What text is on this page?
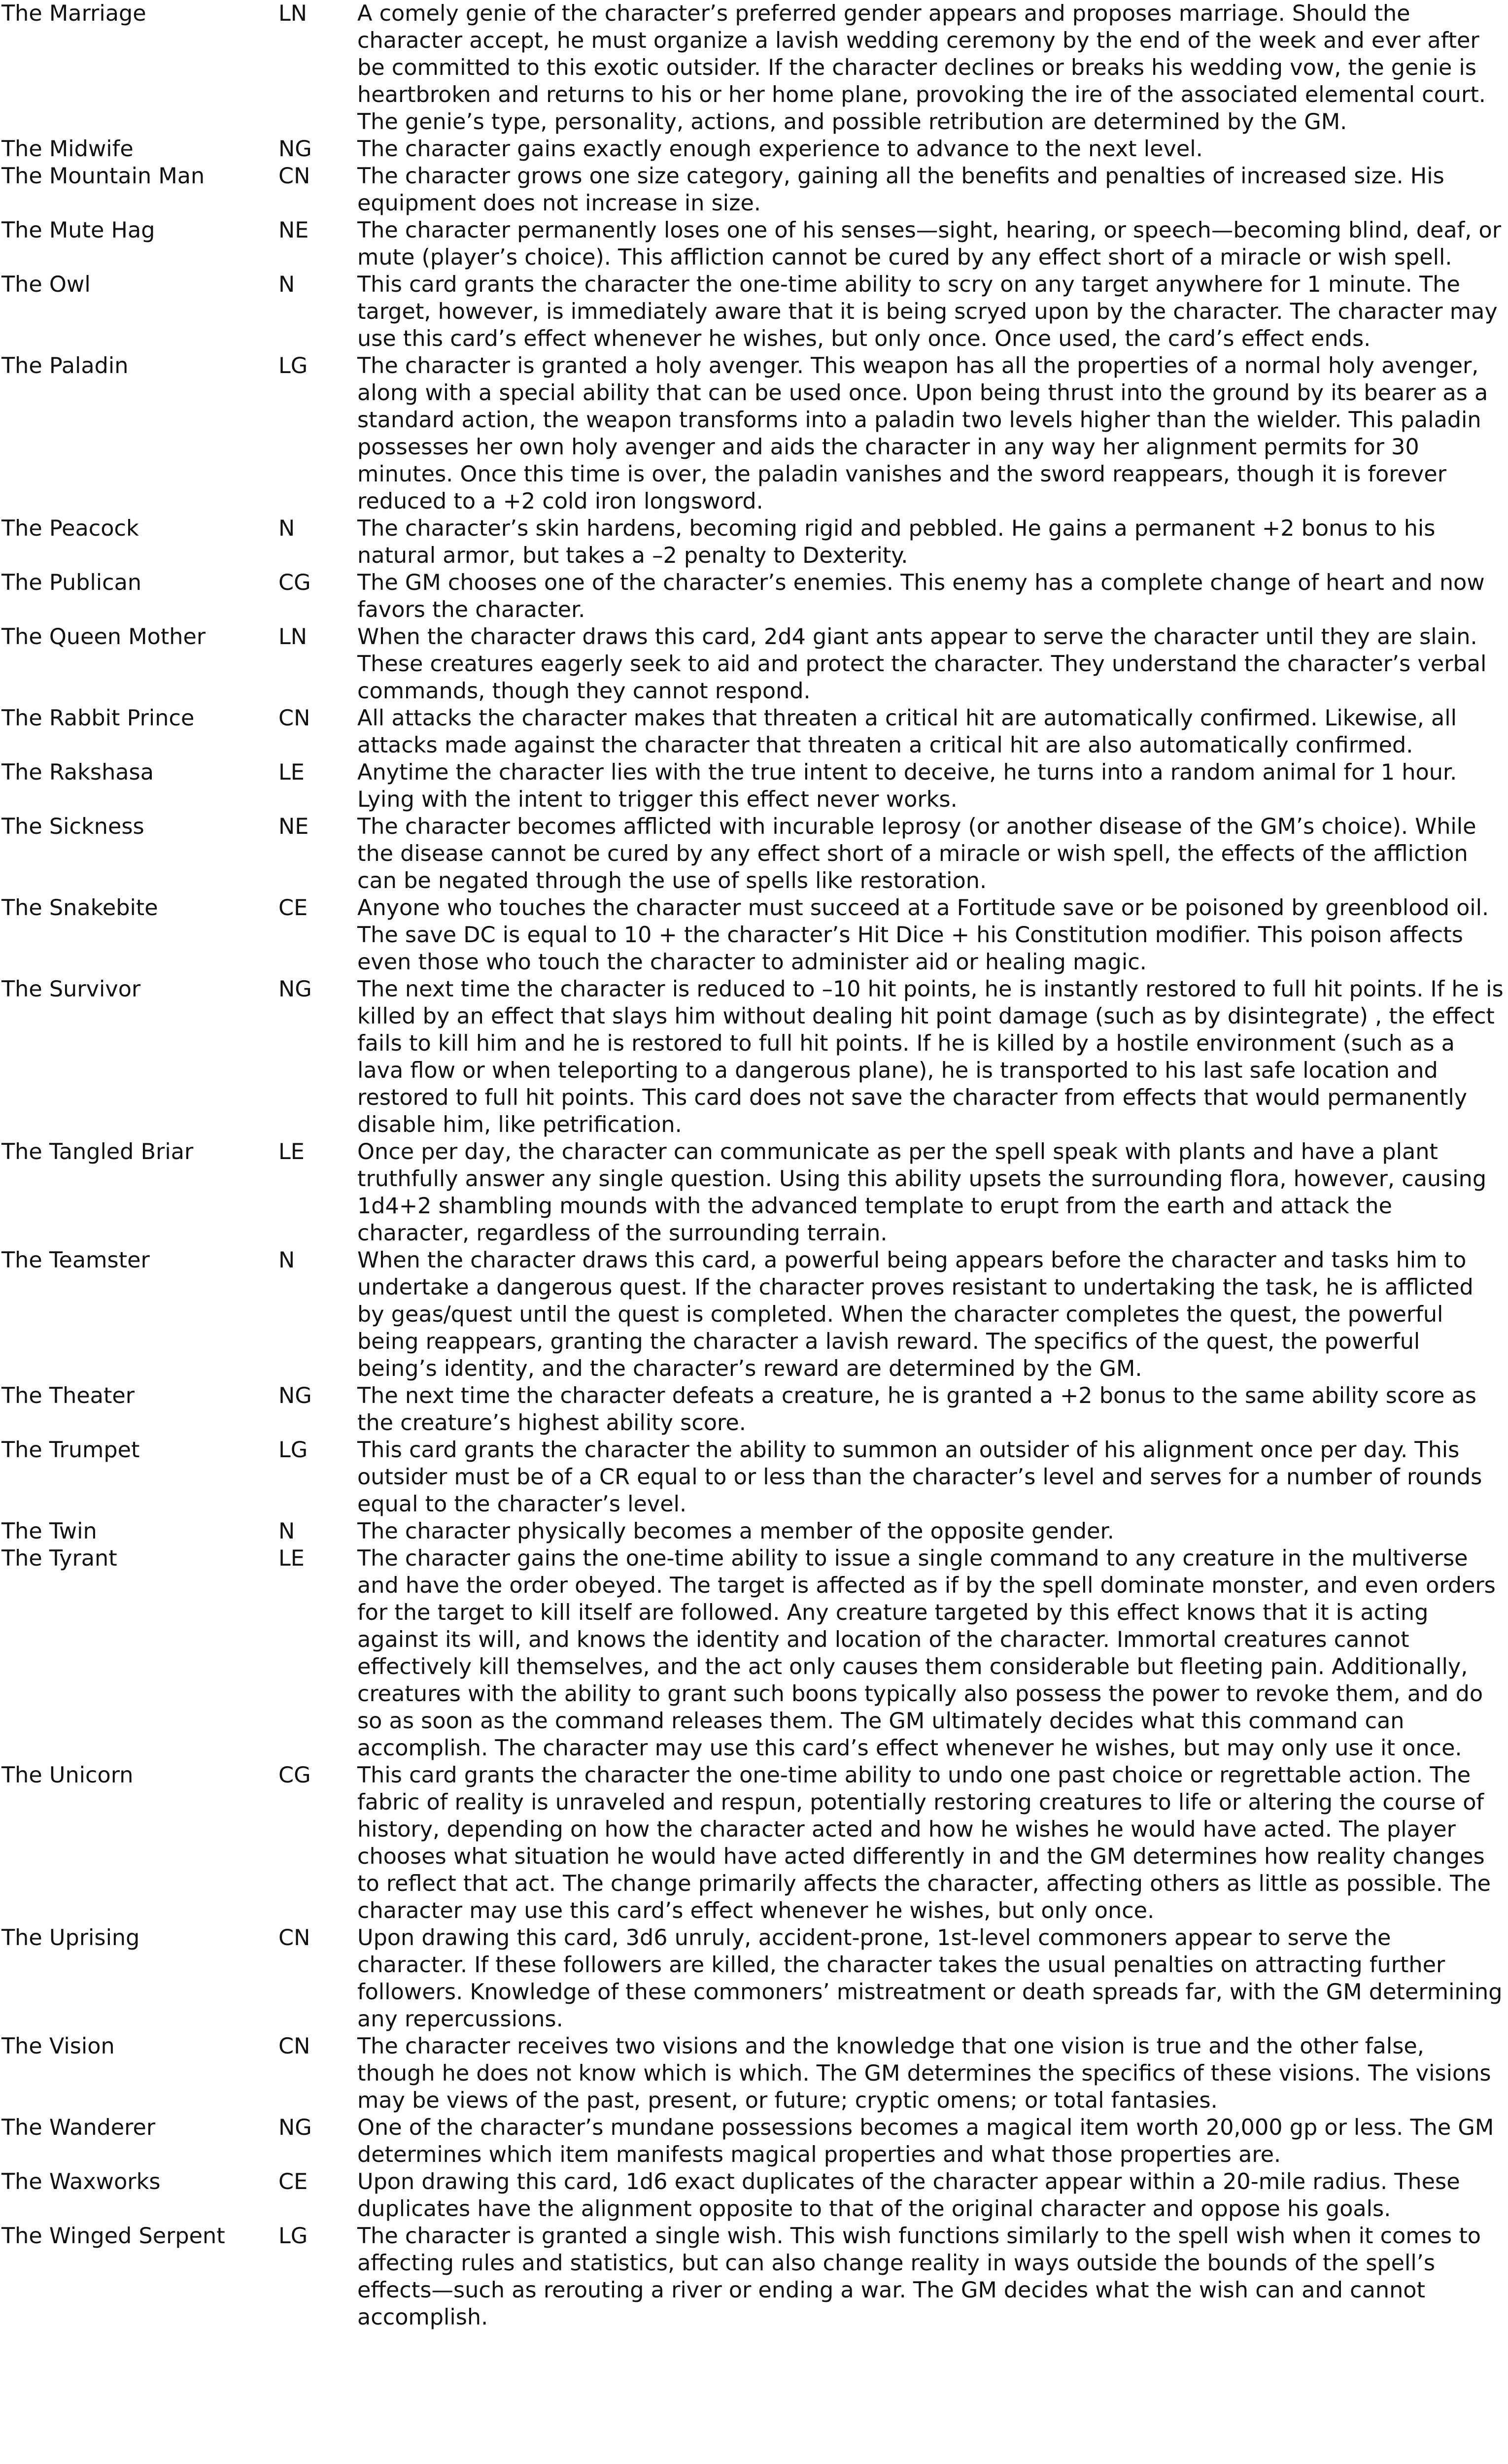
The Marriage	LN	A comely genie of the character’s preferred gender appears and proposes marriage. Should the character accept, he must organize a lavish wedding ceremony by the end of the week and ever after be committed to this exotic outsider. If the character declines or breaks his wedding vow, the genie is heartbroken and returns to his or her home plane, provoking the ire of the associated elemental court. The genie’s type, personality, actions, and possible retribution are determined by the GM.
The Midwife	NG	The character gains exactly enough experience to advance to the next level.
The Mountain Man	CN	The character grows one size category, gaining all the benefits and penalties of increased size. His equipment does not increase in size.
The Mute Hag	NE	The character permanently loses one of his senses—sight, hearing, or speech—becoming blind, deaf, or mute (player’s choice). This affliction cannot be cured by any effect short of a miracle or wish spell.
The Owl	N	This card grants the character the one-time ability to scry on any target anywhere for 1 minute. The target, however, is immediately aware that it is being scryed upon by the character. The character may use this card’s effect whenever he wishes, but only once. Once used, the card’s effect ends.
The Paladin	LG	The character is granted a holy avenger. This weapon has all the properties of a normal holy avenger, along with a special ability that can be used once. Upon being thrust into the ground by its bearer as a standard action, the weapon transforms into a paladin two levels higher than the wielder. This paladin possesses her own holy avenger and aids the character in any way her alignment permits for 30 minutes. Once this time is over, the paladin vanishes and the sword reappears, though it is forever reduced to a +2 cold iron longsword.
The Peacock	N	The character’s skin hardens, becoming rigid and pebbled. He gains a permanent +2 bonus to his natural armor, but takes a –2 penalty to Dexterity.
The Publican	CG	The GM chooses one of the character’s enemies. This enemy has a complete change of heart and now favors the character.
The Queen Mother	LN	When the character draws this card, 2d4 giant ants appear to serve the character until they are slain. These creatures eagerly seek to aid and protect the character. They understand the character’s verbal commands, though they cannot respond.
The Rabbit Prince	CN	All attacks the character makes that threaten a critical hit are automatically confirmed. Likewise, all attacks made against the character that threaten a critical hit are also automatically confirmed.
The Rakshasa	LE	Anytime the character lies with the true intent to deceive, he turns into a random animal for 1 hour. Lying with the intent to trigger this effect never works.
The Sickness	NE	The character becomes afflicted with incurable leprosy (or another disease of the GM’s choice). While the disease cannot be cured by any effect short of a miracle or wish spell, the effects of the affliction can be negated through the use of spells like restoration.
The Snakebite	CE	Anyone who touches the character must succeed at a Fortitude save or be poisoned by greenblood oil. The save DC is equal to 10 + the character’s Hit Dice + his Constitution modifier. This poison affects even those who touch the character to administer aid or healing magic.
The Survivor	NG	The next time the character is reduced to –10 hit points, he is instantly restored to full hit points. If he is killed by an effect that slays him without dealing hit point damage (such as by disintegrate) , the effect fails to kill him and he is restored to full hit points. If he is killed by a hostile environment (such as a lava flow or when teleporting to a dangerous plane), he is transported to his last safe location and restored to full hit points. This card does not save the character from effects that would permanently disable him, like petrification.
The Tangled Briar	LE	Once per day, the character can communicate as per the spell speak with plants and have a plant truthfully answer any single question. Using this ability upsets the surrounding flora, however, causing 1d4+2 shambling mounds with the advanced template to erupt from the earth and attack the character, regardless of the surrounding terrain.
The Teamster	N	When the character draws this card, a powerful being appears before the character and tasks him to undertake a dangerous quest. If the character proves resistant to undertaking the task, he is afflicted by geas/quest until the quest is completed. When the character completes the quest, the powerful being reappears, granting the character a lavish reward. The specifics of the quest, the powerful being’s identity, and the character’s reward are determined by the GM.
The Theater	NG	The next time the character defeats a creature, he is granted a +2 bonus to the same ability score as the creature’s highest ability score.
The Trumpet	LG	This card grants the character the ability to summon an outsider of his alignment once per day. This outsider must be of a CR equal to or less than the character’s level and serves for a number of rounds equal to the character’s level.
The Twin	N	The character physically becomes a member of the opposite gender.
The Tyrant	LE	The character gains the one-time ability to issue a single command to any creature in the multiverse and have the order obeyed. The target is affected as if by the spell dominate monster, and even orders for the target to kill itself are followed. Any creature targeted by this effect knows that it is acting against its will, and knows the identity and location of the character. Immortal creatures cannot effectively kill themselves, and the act only causes them considerable but fleeting pain. Additionally, creatures with the ability to grant such boons typically also possess the power to revoke them, and do so as soon as the command releases them. The GM ultimately decides what this command can accomplish. The character may use this card’s effect whenever he wishes, but may only use it once.
The Unicorn	CG	This card grants the character the one-time ability to undo one past choice or regrettable action. The fabric of reality is unraveled and respun, potentially restoring creatures to life or altering the course of history, depending on how the character acted and how he wishes he would have acted. The player chooses what situation he would have acted differently in and the GM determines how reality changes to reflect that act. The change primarily affects the character, affecting others as little as possible. The character may use this card’s effect whenever he wishes, but only once.
The Uprising	CN	Upon drawing this card, 3d6 unruly, accident-prone, 1st-level commoners appear to serve the character. If these followers are killed, the character takes the usual penalties on attracting further followers. Knowledge of these commoners’ mistreatment or death spreads far, with the GM determining any repercussions.
The Vision	CN	The character receives two visions and the knowledge that one vision is true and the other false, though he does not know which is which. The GM determines the specifics of these visions. The visions may be views of the past, present, or future; cryptic omens; or total fantasies.
The Wanderer	NG	One of the character’s mundane possessions becomes a magical item worth 20,000 gp or less. The GM determines which item manifests magical properties and what those properties are.
The Waxworks	CE	Upon drawing this card, 1d6 exact duplicates of the character appear within a 20-mile radius. These duplicates have the alignment opposite to that of the original character and oppose his goals.
The Winged Serpent	LG	The character is granted a single wish. This wish functions similarly to the spell wish when it comes to affecting rules and statistics, but can also change reality in ways outside the bounds of the spell’s effects—such as rerouting a river or ending a war. The GM decides what the wish can and cannot accomplish.
